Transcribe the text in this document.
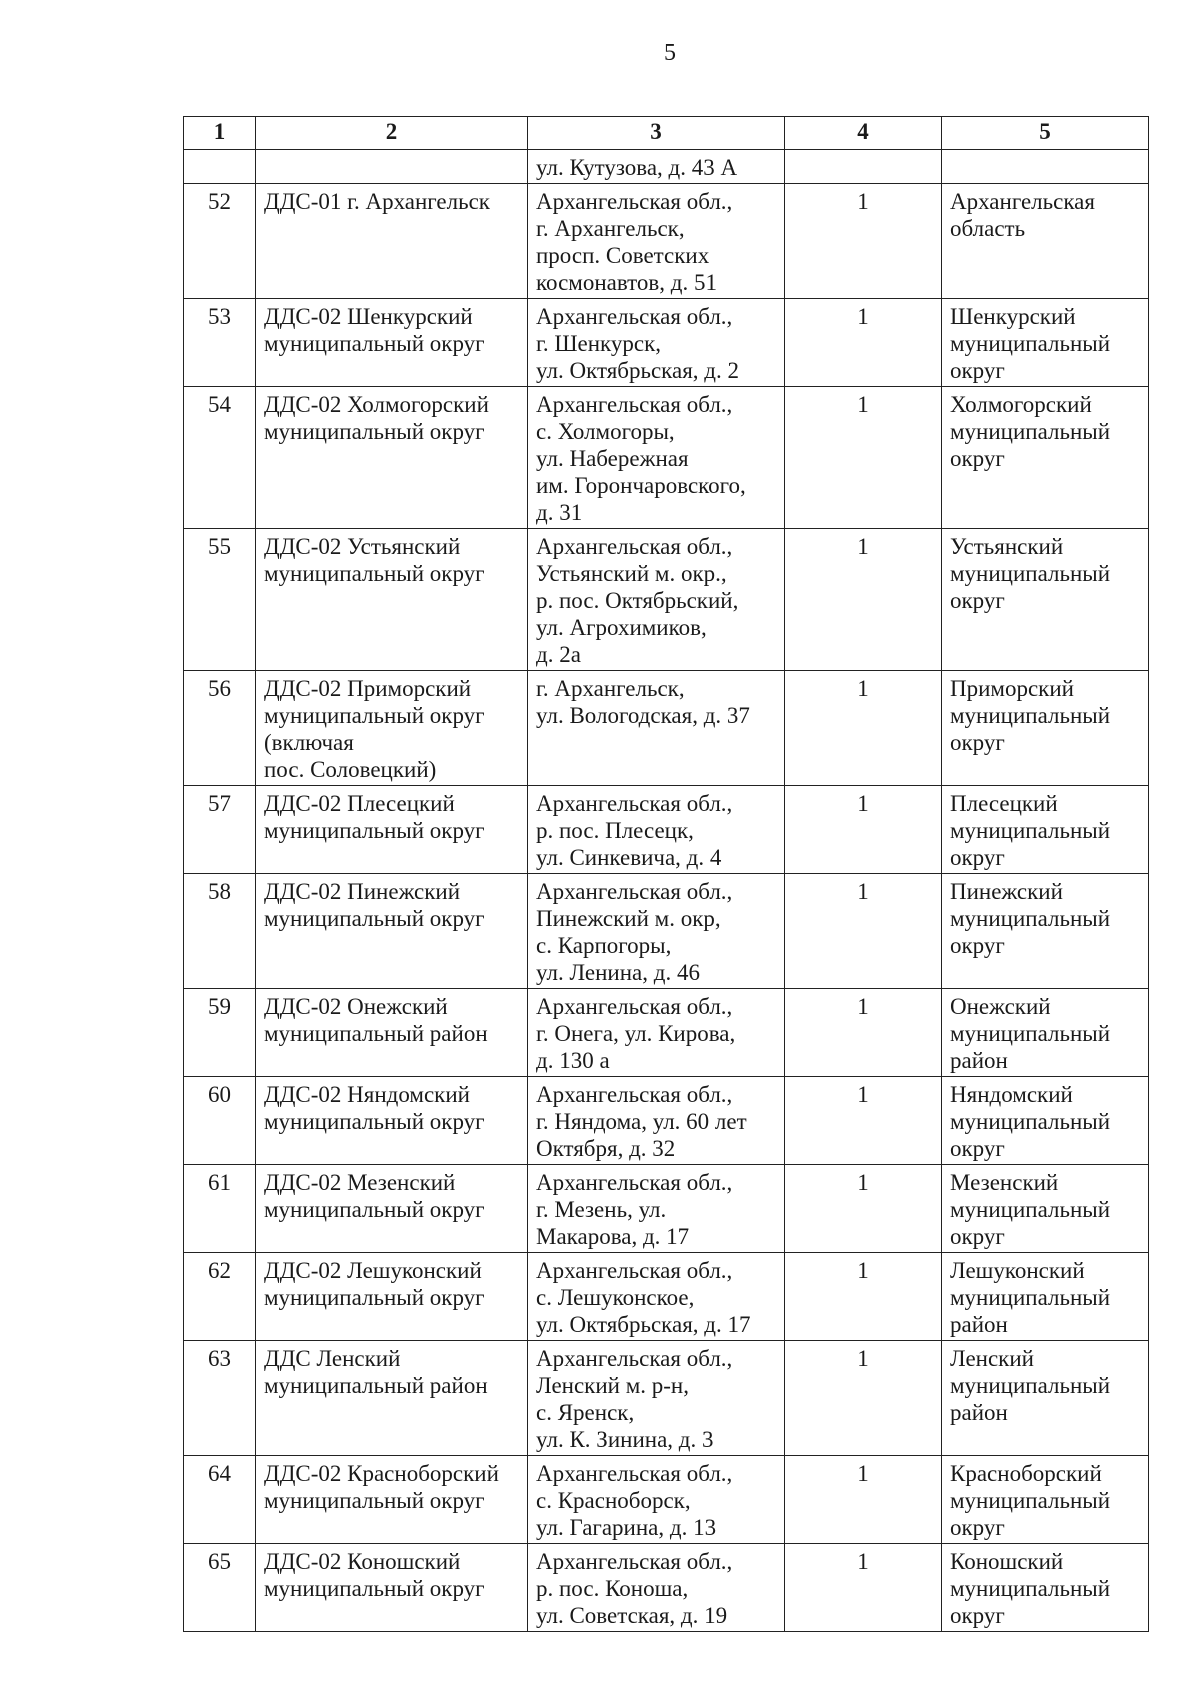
5
1	2	3	4	5
		ул. Кутузова, д. 43 А		
52	ДДС-01 г. Архангельск	Архангельская обл.,
г. Архангельск,
просп. Советских
космонавтов, д. 51	1	Архангельская
область
53	ДДС-02 Шенкурский
муниципальный округ	Архангельская обл.,
г. Шенкурск,
ул. Октябрьская, д. 2	1	Шенкурский
муниципальный
округ
54	ДДС-02 Холмогорский
муниципальный округ	Архангельская обл.,
с. Холмогоры,
ул. Набережная
им. Горончаровского,
д. 31	1	Холмогорский
муниципальный
округ
55	ДДС-02 Устьянский
муниципальный округ	Архангельская обл.,
Устьянский м. окр.,
р. пос. Октябрьский,
ул. Агрохимиков,
д. 2а	1	Устьянский
муниципальный
округ
56	ДДС-02 Приморский
муниципальный округ
(включая
пос. Соловецкий)	г. Архангельск,
ул. Вологодская, д. 37	1	Приморский
муниципальный
округ
57	ДДС-02 Плесецкий
муниципальный округ	Архангельская обл.,
р. пос. Плесецк,
ул. Синкевича, д. 4	1	Плесецкий
муниципальный
округ
58	ДДС-02 Пинежский
муниципальный округ	Архангельская обл.,
Пинежский м. окр,
с. Карпогоры,
ул. Ленина, д. 46	1	Пинежский
муниципальный
округ
59	ДДС-02 Онежский
муниципальный район	Архангельская обл.,
г. Онега, ул. Кирова,
д. 130 а	1	Онежский
муниципальный
район
60	ДДС-02 Няндомский
муниципальный округ	Архангельская обл.,
г. Няндома, ул. 60 лет
Октября, д. 32	1	Няндомский
муниципальный
округ
61	ДДС-02 Мезенский
муниципальный округ	Архангельская обл.,
г. Мезень, ул.
Макарова, д. 17	1	Мезенский
муниципальный
округ
62	ДДС-02 Лешуконский
муниципальный округ	Архангельская обл.,
с. Лешуконское,
ул. Октябрьская, д. 17	1	Лешуконский
муниципальный
район
63	ДДС Ленский
муниципальный район	Архангельская обл.,
Ленский м. р-н,
с. Яренск,
ул. К. Зинина, д. 3	1	Ленский
муниципальный
район
64	ДДС-02 Красноборский
муниципальный округ	Архангельская обл.,
с. Красноборск,
ул. Гагарина, д. 13	1	Красноборский
муниципальный
округ
65	ДДС-02 Коношский
муниципальный округ	Архангельская обл.,
р. пос. Коноша,
ул. Советская, д. 19	1	Коношский
муниципальный
округ
